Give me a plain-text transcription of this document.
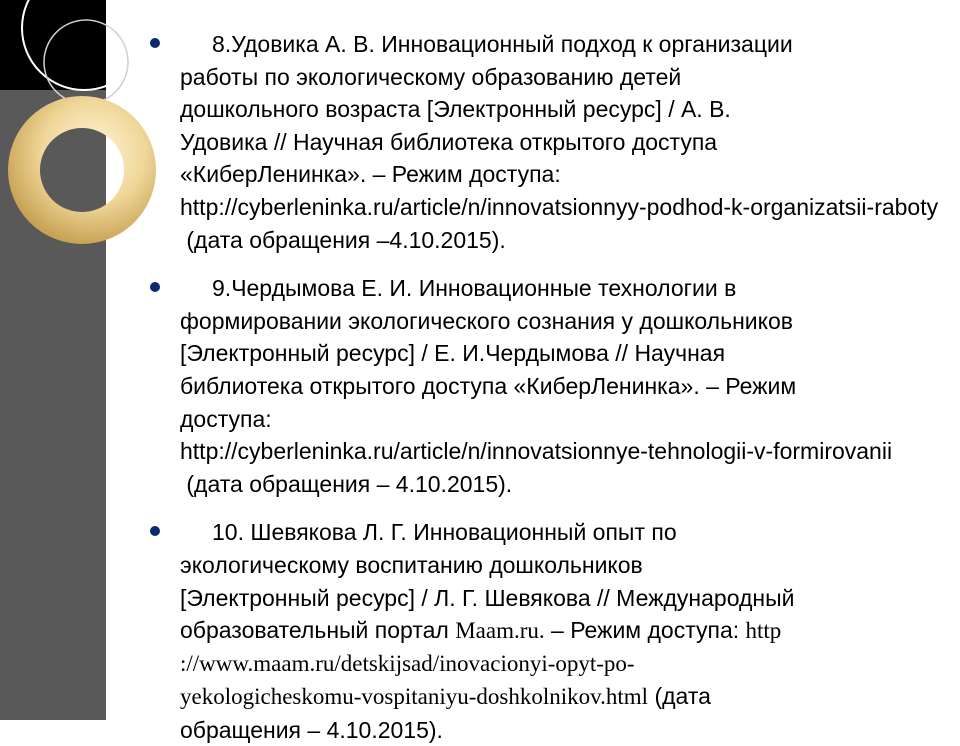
8.Удовика А. В. Инновационный подход к организации
работы по экологическому образованию детей
дошкольного возраста [Электронный ресурс] / А. В.
Удовика // Научная библиотека открытого доступа
«КиберЛенинка». – Режим доступа:
http://cyberleninka.ru/article/n/innovatsionnyy-podhod-k-organizatsii-raboty
(дата обращения –4.10.2015).
9.Чердымова Е. И. Инновационные технологии в
формировании экологического сознания у дошкольников
[Электронный ресурс] / Е. И.Чердымова // Научная
библиотека открытого доступа «КиберЛенинка». – Режим
доступа:
http://cyberleninka.ru/article/n/innovatsionnye-tehnologii-v-formirovanii
(дата обращения – 4.10.2015).
10. Шевякова Л. Г. Инновационный опыт по
экологическому воспитанию дошкольников
[Электронный ресурс] / Л. Г. Шевякова // Международный
образовательный портал Maam.ru. – Режим доступа: http
://www.maam.ru/detskijsad/inovacionyi-opyt-po-
yekologicheskomu-vospitaniyu-doshkolnikov.html (дата
обращения – 4.10.2015).
